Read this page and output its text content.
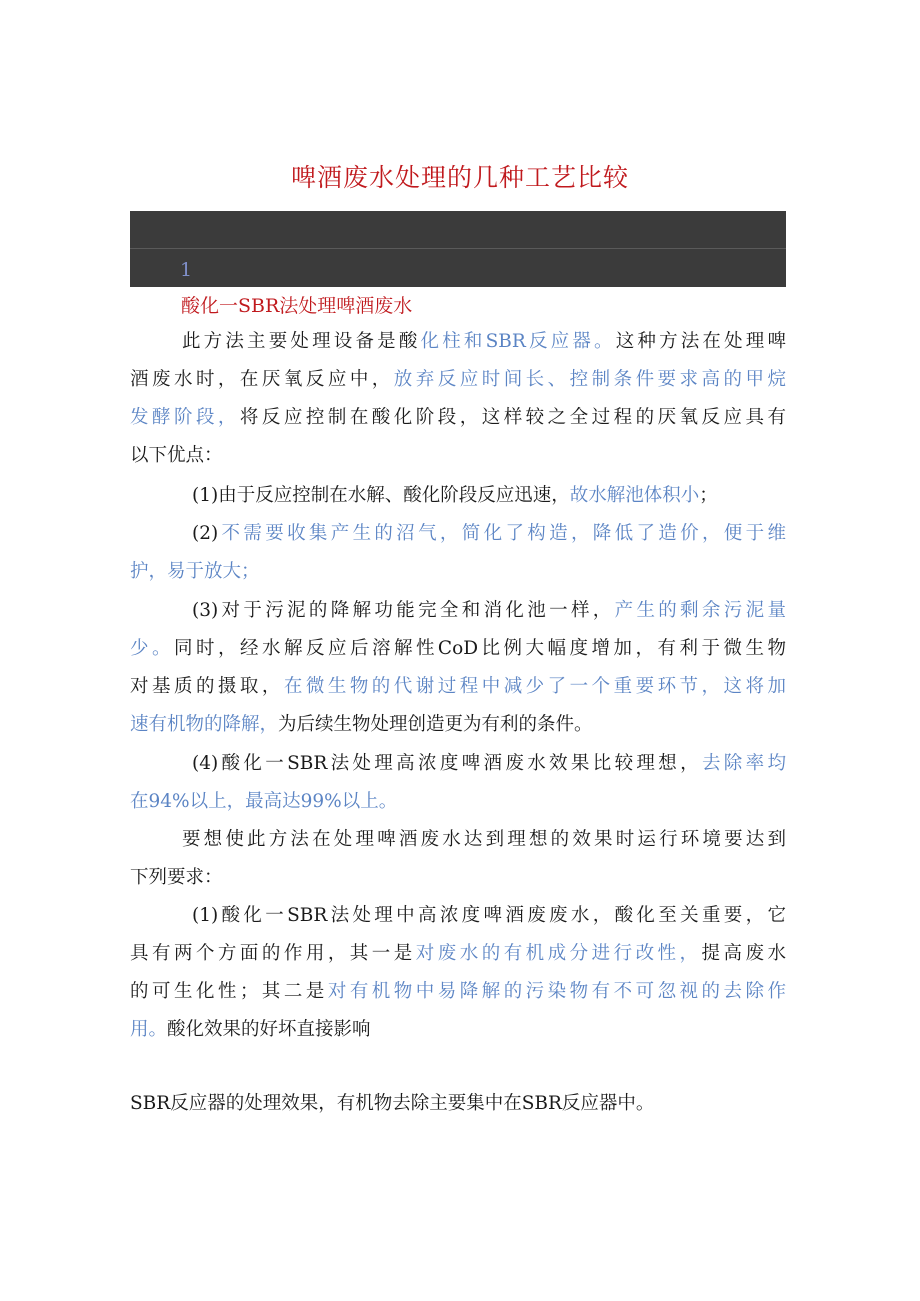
啤酒废水处理的几种工艺比较
1
酸化一SBR法处理啤酒废水
此方法主要处理设备是酸化柱和SBR反应器。这种方法在处理啤
酒废水时，在厌氧反应中，放弃反应时间长、控制条件要求高的甲烷
发酵阶段，将反应控制在酸化阶段，这样较之全过程的厌氧反应具有
以下优点：
(1)由于反应控制在水解、酸化阶段反应迅速，故水解池体积小；
(2)不需要收集产生的沼气，简化了构造，降低了造价，便于维
护，易于放大；
(3)对于污泥的降解功能完全和消化池一样，产生的剩余污泥量
少。同时，经水解反应后溶解性CoD比例大幅度增加，有利于微生物
对基质的摄取，在微生物的代谢过程中减少了一个重要环节，这将加
速有机物的降解，为后续生物处理创造更为有利的条件。
(4)酸化一SBR法处理高浓度啤酒废水效果比较理想，去除率均
在94%以上，最高达99%以上。
要想使此方法在处理啤酒废水达到理想的效果时运行环境要达到
下列要求：
(1)酸化一SBR法处理中高浓度啤酒废废水，酸化至关重要，它
具有两个方面的作用，其一是对废水的有机成分进行改性，提高废水
的可生化性；其二是对有机物中易降解的污染物有不可忽视的去除作
用。酸化效果的好坏直接影响
SBR反应器的处理效果，有机物去除主要集中在SBR反应器中。
